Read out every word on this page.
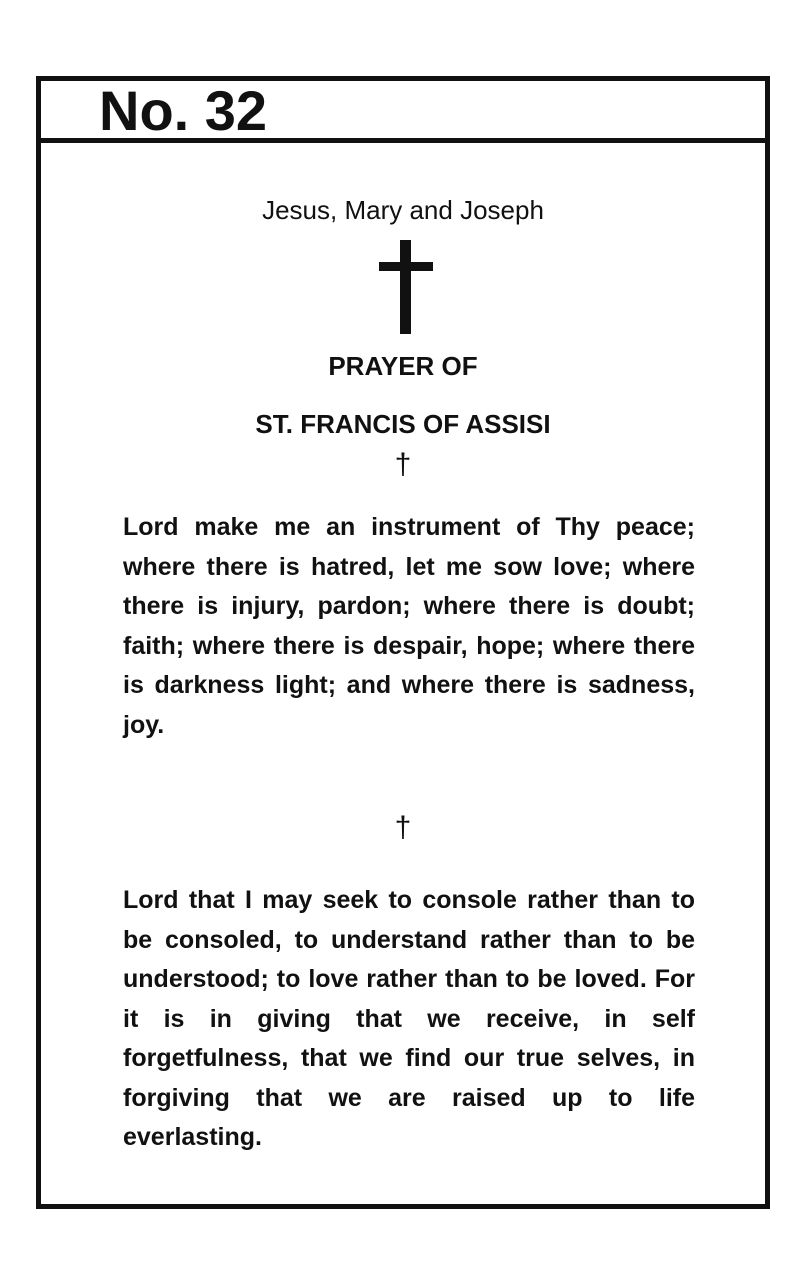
No. 32
Jesus, Mary and Joseph
PRAYER OF
ST. FRANCIS OF ASSISI
†
Lord make me an instrument of Thy peace; where there is hatred, let me sow love; where there is injury, pardon; where there is doubt; faith; where there is despair, hope; where there is darkness light; and where there is sadness, joy.
†
Lord that I may seek to console rather than to be consoled, to understand rather than to be understood; to love rather than to be loved. For it is in giving that we receive, in self forgetfulness, that we find our true selves, in forgiving that we are raised up to life everlasting.
